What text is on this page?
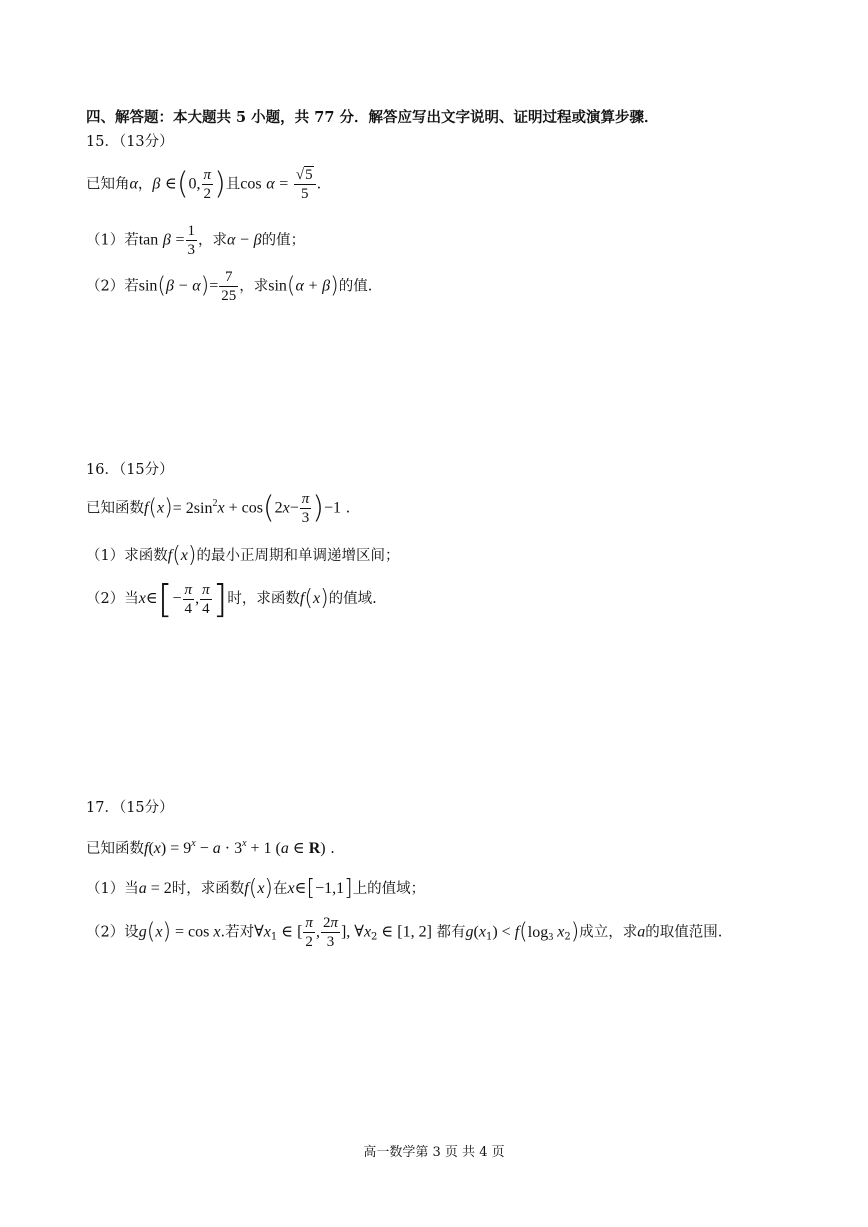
四、解答题：本大题共 5 小题，共 77 分．解答应写出文字说明、证明过程或演算步骤．
15．（13分）
已知角α，β ∈(0, $\frac{\pi}{2}$ )且$\cos \alpha = \frac{√5}{5}$ .
（1）若$\tan \beta = \frac{1}{3}$ ，求α − β的值；
（2）若$\sin(\beta - \alpha)= \frac{7}{25}$ ，求sin(α + β)的值.
16．（15分）
已知函数$f(x)= 2\sin^2x + \cos(2x- \frac{\pi}{3} )-1$ .
（1）求函数f(x)的最小正周期和单调递增区间；
（2）当x∈[− $\frac{\pi}{4}$ , $\frac{\pi}{4}$ ]时，求函数f(x)的值域.
17．（15分）
已知函数$f(x) = 9^x - a \cdot 3^x + 1$ (a ∈ R) .
（1）当a = 2时，求函数f(x)在x∈[−1,1]上的值域；
（2）设g(x) = cos x.若对$\forall x_1$ ∈ [ $\frac{\pi}{2}$ , $\frac{2\pi}{3}$ ], $\forall x_2$ ∈ [1, 2] 都有$g(x_1) < f(\log_3$ $x_2$)成立，求a的取值范围.
高一数学第 3 页 共 4 页
